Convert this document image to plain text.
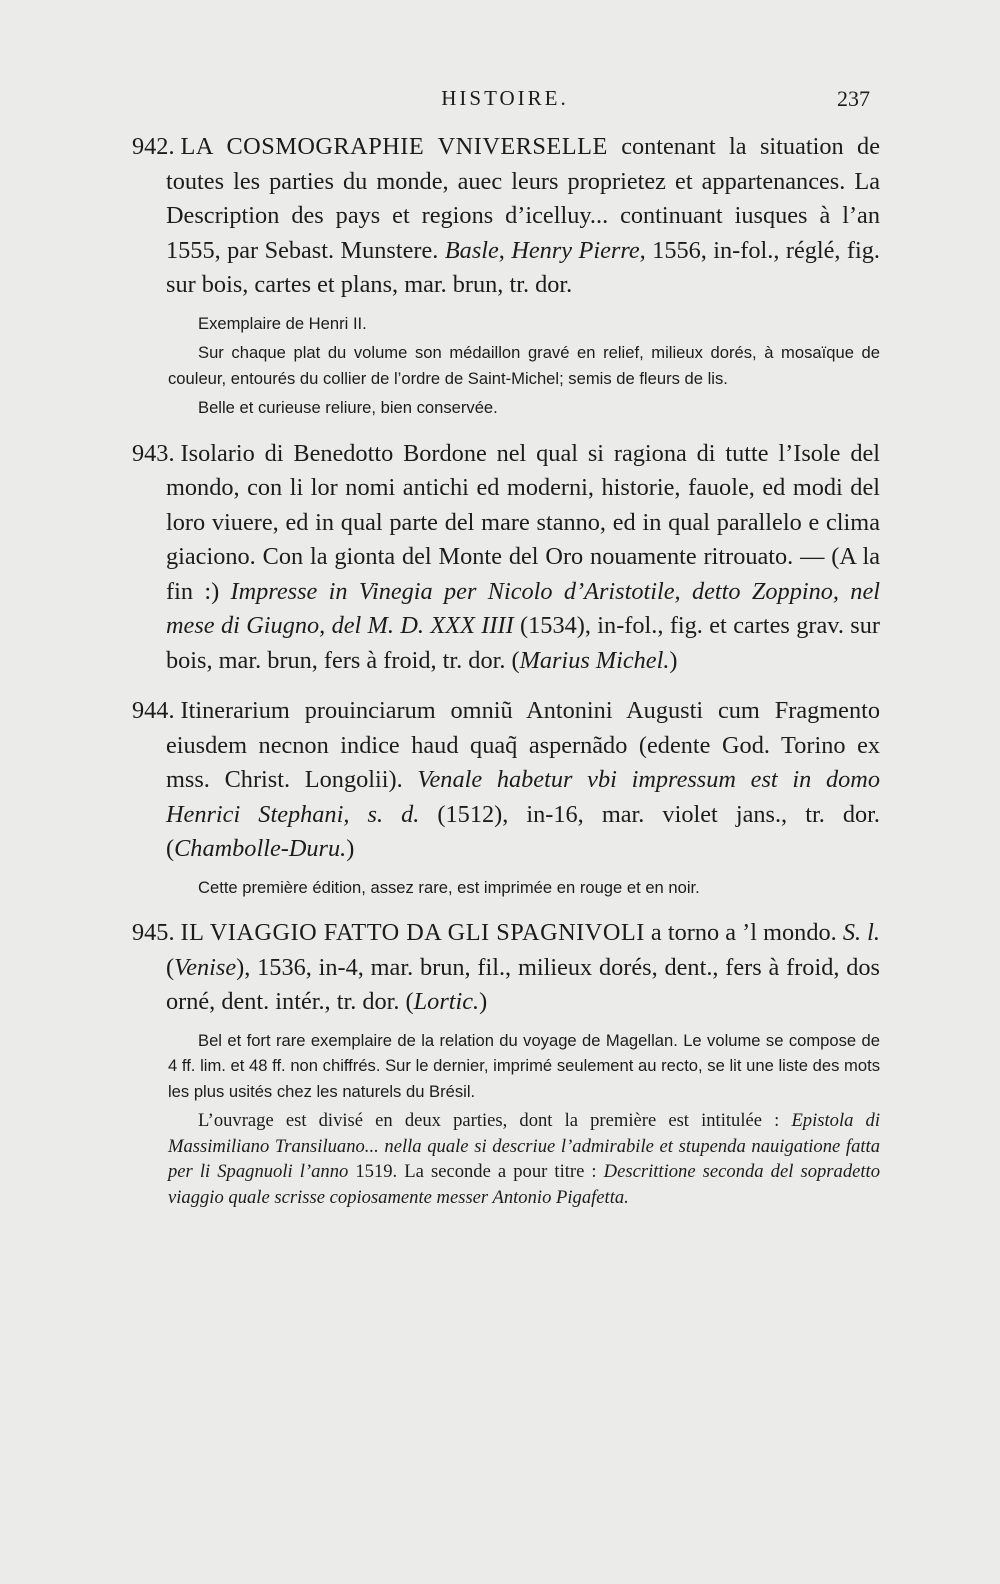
HISTOIRE.	237

942. LA COSMOGRAPHIE VNIVERSELLE contenant la situation de toutes les parties du monde, auec leurs proprietez et appartenances. La Description des pays et regions d’icelluy... continuant iusques à l’an 1555, par Sebast. Munstere. Basle, Henry Pierre, 1556, in-fol., réglé, fig. sur bois, cartes et plans, mar. brun, tr. dor.

Exemplaire de Henri II.

Sur chaque plat du volume son médaillon gravé en relief, milieux dorés, à mosaïque de couleur, entourés du collier de l’ordre de Saint-Michel; semis de fleurs de lis.

Belle et curieuse reliure, bien conservée.

943. Isolario di Benedotto Bordone nel qual si ragiona di tutte l’Isole del mondo, con li lor nomi antichi ed moderni, historie, fauole, ed modi del loro viuere, ed in qual parte del mare stanno, ed in qual parallelo e clima giaciono. Con la gionta del Monte del Oro nouamente ritrouato. — (A la fin :) Impresse in Vinegia per Nicolo d’Aristotile, detto Zoppino, nel mese di Giugno, del M. D. XXX IIII (1534), in-fol., fig. et cartes grav. sur bois, mar. brun, fers à froid, tr. dor. (Marius Michel.)

944. Itinerarium prouinciarum omniũ Antonini Augusti cum Fragmento eiusdem necnon indice haud quaq̃ aspernãdo (edente God. Torino ex mss. Christ. Longolii). Venale habetur vbi impressum est in domo Henrici Stephani, s. d. (1512), in-16, mar. violet jans., tr. dor. (Chambolle-Duru.)

Cette première édition, assez rare, est imprimée en rouge et en noir.

945. IL VIAGGIO FATTO DA GLI SPAGNIVOLI a torno a ’l mondo. S. l. (Venise), 1536, in-4, mar. brun, fil., milieux dorés, dent., fers à froid, dos orné, dent. intér., tr. dor. (Lortic.)

Bel et fort rare exemplaire de la relation du voyage de Magellan. Le volume se compose de 4 ff. lim. et 48 ff. non chiffrés. Sur le dernier, imprimé seulement au recto, se lit une liste des mots les plus usités chez les naturels du Brésil.

L’ouvrage est divisé en deux parties, dont la première est intitulée : Epistola di Massimiliano Transiluano... nella quale si descriue l’admirabile et stupenda nauigatione fatta per li Spagnuoli l’anno 1519. La seconde a pour titre : Descrittione seconda del sopradetto viaggio quale scrisse copiosamente messer Antonio Pigafetta.
